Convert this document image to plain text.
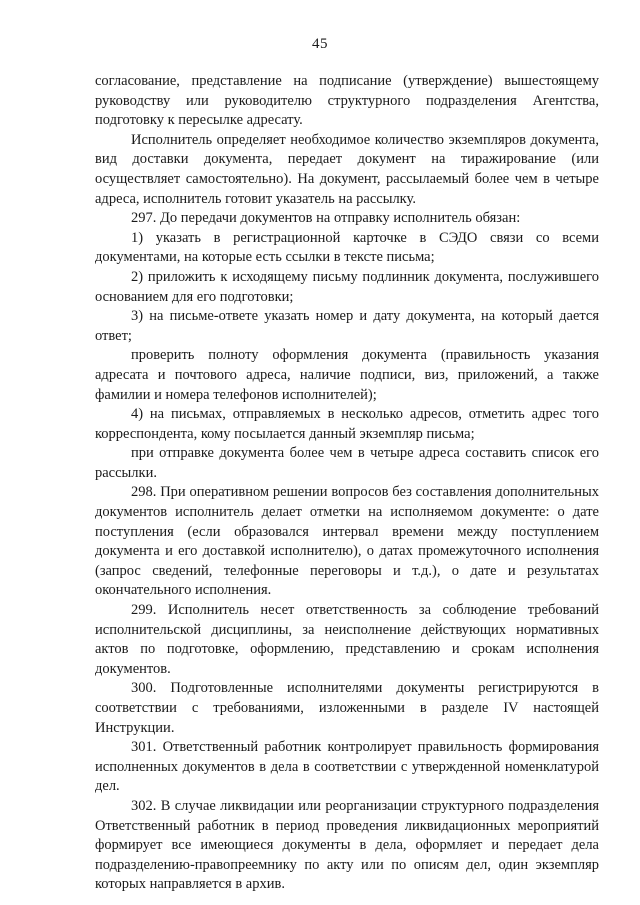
45

согласование, представление на подписание (утверждение) вышестоящему руководству или руководителю структурного подразделения Агентства, подготовку к пересылке адресату.

Исполнитель определяет необходимое количество экземпляров документа, вид доставки документа, передает документ на тиражирование (или осуществляет самостоятельно). На документ, рассылаемый более чем в четыре адреса, исполнитель готовит указатель на рассылку.

297. До передачи документов на отправку исполнитель обязан:

1) указать в регистрационной карточке в СЭДО связи со всеми документами, на которые есть ссылки в тексте письма;

2) приложить к исходящему письму подлинник документа, послужившего основанием для его подготовки;

3) на письме-ответе указать номер и дату документа, на который дается ответ;

проверить полноту оформления документа (правильность указания адресата и почтового адреса, наличие подписи, виз, приложений, а также фамилии и номера телефонов исполнителей);

4) на письмах, отправляемых в несколько адресов, отметить адрес того корреспондента, кому посылается данный экземпляр письма;

при отправке документа более чем в четыре адреса составить список его рассылки.

298. При оперативном решении вопросов без составления дополнительных документов исполнитель делает отметки на исполняемом документе: о дате поступления (если образовался интервал времени между поступлением документа и его доставкой исполнителю), о датах промежуточного исполнения (запрос сведений, телефонные переговоры и т.д.), о дате и результатах окончательного исполнения.

299. Исполнитель несет ответственность за соблюдение требований исполнительской дисциплины, за неисполнение действующих нормативных актов по подготовке, оформлению, представлению и срокам исполнения документов.

300. Подготовленные исполнителями документы регистрируются в соответствии с требованиями, изложенными в разделе IV настоящей Инструкции.

301. Ответственный работник контролирует правильность формирования исполненных документов в дела в соответствии с утвержденной номенклатурой дел.

302. В случае ликвидации или реорганизации структурного подразделения Ответственный работник в период проведения ликвидационных мероприятий формирует все имеющиеся документы в дела, оформляет и передает дела подразделению-правопреемнику по акту или по описям дел, один экземпляр которых направляется в архив.
